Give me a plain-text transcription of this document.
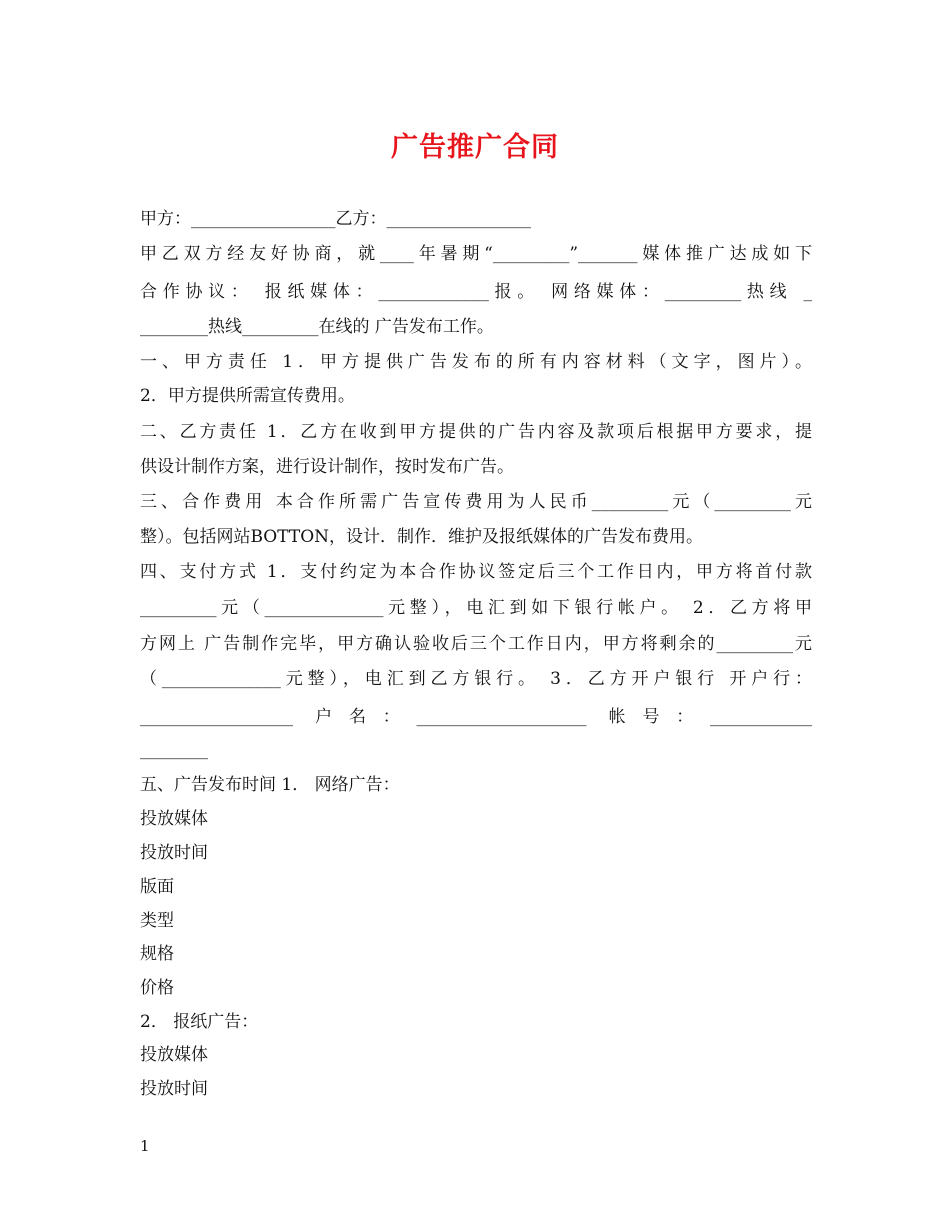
广告推广合同
甲方：_________________乙方：_________________
甲乙双方经友好协商，就____年暑期“_________”_______媒体推广达成如下
合作协议： 报纸媒体：_____________报。 网络媒体：_________热线 _
________热线_________在线的 广告发布工作。
一、甲方责任 1．甲方提供广告发布的所有内容材料（文字，图片）。
2．甲方提供所需宣传费用。
二、乙方责任 1．乙方在收到甲方提供的广告内容及款项后根据甲方要求，提
供设计制作方案，进行设计制作，按时发布广告。
三、合作费用 本合作所需广告宣传费用为人民币_________元（_________元
整）。包括网站BOTTON，设计．制作．维护及报纸媒体的广告发布费用。
四、支付方式 1．支付约定为本合作协议签定后三个工作日内，甲方将首付款
_________元（______________元整），电汇到如下银行帐户。 2．乙方将甲
方网上 广告制作完毕，甲方确认验收后三个工作日内，甲方将剩余的_________元
（______________元整），电汇到乙方银行。 3．乙方开户银行 开户行：
__________________ 户名：____________________ 帐号：____________
________
五、广告发布时间 1． 网络广告：
投放媒体
投放时间
版面
类型
规格
价格
2． 报纸广告：
投放媒体
投放时间
1
